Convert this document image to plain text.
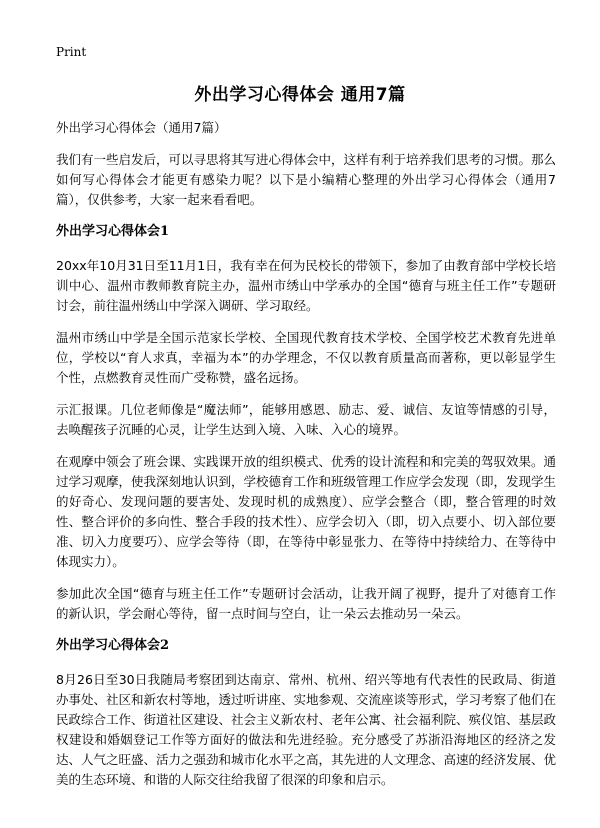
Print
外出学习心得体会 通用7篇

外出学习心得体会（通用7篇）

我们有一些启发后，可以寻思将其写进心得体会中，这样有利于培养我们思考的习惯。那么如何写心得体会才能更有感染力呢？以下是小编精心整理的外出学习心得体会（通用7篇），仅供参考，大家一起来看看吧。

外出学习心得体会1

20xx年10月31日至11月1日，我有幸在何为民校长的带领下，参加了由教育部中学校长培训中心、温州市教师教育院主办，温州市绣山中学承办的全国“德育与班主任工作”专题研讨会，前往温州绣山中学深入调研、学习取经。

温州市绣山中学是全国示范家长学校、全国现代教育技术学校、全国学校艺术教育先进单位，学校以“育人求真，幸福为本”的办学理念，不仅以教育质量高而著称，更以彰显学生个性，点燃教育灵性而广受称赞，盛名远扬。

示汇报课。几位老师像是“魔法师”，能够用感恩、励志、爱、诚信、友谊等情感的引导，去唤醒孩子沉睡的心灵，让学生达到入境、入味、入心的境界。

在观摩中领会了班会课、实践课开放的组织模式、优秀的设计流程和和完美的驾驭效果。通过学习观摩，使我深刻地认识到，学校德育工作和班级管理工作应学会发现（即，发现学生的好奇心、发现问题的要害处、发现时机的成熟度）、应学会整合（即，整合管理的时效性、整合评价的多向性、整合手段的技术性）、应学会切入（即，切入点要小、切入部位要准、切入力度要巧）、应学会等待（即，在等待中彰显张力、在等待中持续给力、在等待中体现实力）。

参加此次全国“德育与班主任工作”专题研讨会活动，让我开阔了视野，提升了对德育工作的新认识，学会耐心等待，留一点时间与空白，让一朵云去推动另一朵云。

外出学习心得体会2

8月26日至30日我随局考察团到达南京、常州、杭州、绍兴等地有代表性的民政局、街道办事处、社区和新农村等地，透过听讲座、实地参观、交流座谈等形式，学习考察了他们在民政综合工作、街道社区建设、社会主义新农村、老年公寓、社会福利院、殡仪馆、基层政权建设和婚姻登记工作等方面好的做法和先进经验。充分感受了苏浙沿海地区的经济之发达、人气之旺盛、活力之强劲和城市化水平之高，其先进的人文理念、高速的经济发展、优美的生态环境、和谐的人际交往给我留了很深的印象和启示。
